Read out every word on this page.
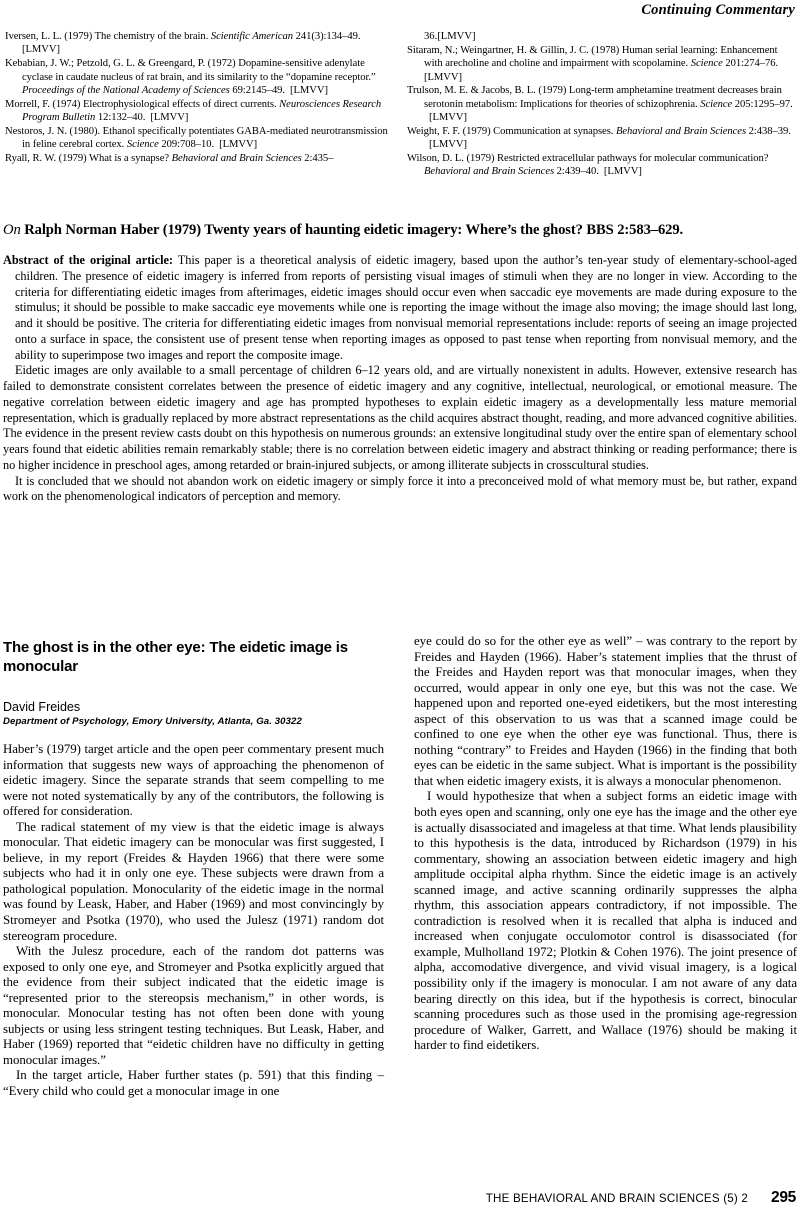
Continuing Commentary

Iversen, L. L. (1979) The chemistry of the brain. Scientific American 241(3):134–49.[LMVV]

Kebabian, J. W.; Petzold, G. L. & Greengard, P. (1972) Dopamine-sensitive adenylate cyclase in caudate nucleus of rat brain, and its similarity to the “dopamine receptor.” Proceedings of the National Academy of Sciences 69:2145–49. [LMVV]

Morrell, F. (1974) Electrophysiological effects of direct currents. Neurosciences Research Program Bulletin 12:132–40. [LMVV]

Nestoros, J. N. (1980). Ethanol specifically potentiates GABA-mediated neurotransmission in feline cerebral cortex. Science 209:708–10. [LMVV]

Ryall, R. W. (1979) What is a synapse? Behavioral and Brain Sciences 2:435–

36.[LMVV]

Sitaram, N.; Weingartner, H. & Gillin, J. C. (1978) Human serial learning: Enhancement with arecholine and choline and impairment with scopolamine. Science 201:274–76.[LMVV]

Trulson, M. E. & Jacobs, B. L. (1979) Long-term amphetamine treatment decreases brain serotonin metabolism: Implications for theories of schizophrenia. Science 205:1295–97.[LMVV]

Weight, F. F. (1979) Communication at synapses. Behavioral and Brain Sciences 2:438–39.[LMVV]

Wilson, D. L. (1979) Restricted extracellular pathways for molecular communication? Behavioral and Brain Sciences 2:439–40. [LMVV]

On Ralph Norman Haber (1979) Twenty years of haunting eidetic imagery: Where’s the ghost? BBS 2:583–629.

Abstract of the original article: This paper is a theoretical analysis of eidetic imagery, based upon the author’s ten-year study of elementary-school-aged children. The presence of eidetic imagery is inferred from reports of persisting visual images of stimuli when they are no longer in view. According to the criteria for differentiating eidetic images from afterimages, eidetic images should occur even when saccadic eye movements are made during exposure to the stimulus; it should be possible to make saccadic eye movements while one is reporting the image without the image also moving; the image should last long, and it should be positive. The criteria for differentiating eidetic images from nonvisual memorial representations include: reports of seeing an image projected onto a surface in space, the consistent use of present tense when reporting images as opposed to past tense when reporting from nonvisual memory, and the ability to superimpose two images and report the composite image.

Eidetic images are only available to a small percentage of children 6–12 years old, and are virtually nonexistent in adults. However, extensive research has failed to demonstrate consistent correlates between the presence of eidetic imagery and any cognitive, intellectual, neurological, or emotional measure. The negative correlation between eidetic imagery and age has prompted hypotheses to explain eidetic imagery as a developmentally less mature memorial representation, which is gradually replaced by more abstract representations as the child acquires abstract thought, reading, and more advanced cognitive abilities. The evidence in the present review casts doubt on this hypothesis on numerous grounds: an extensive longitudinal study over the entire span of elementary school years found that eidetic abilities remain remarkably stable; there is no correlation between eidetic imagery and abstract thinking or reading performance; there is no higher incidence in preschool ages, among retarded or brain-injured subjects, or among illiterate subjects in crosscultural studies.

It is concluded that we should not abandon work on eidetic imagery or simply force it into a preconceived mold of what memory must be, but rather, expand work on the phenomenological indicators of perception and memory.

The ghost is in the other eye: The eidetic image is monocular
David Freides
Department of Psychology, Emory University, Atlanta, Ga. 30322

Haber’s (1979) target article and the open peer commentary present much information that suggests new ways of approaching the phenomenon of eidetic imagery. Since the separate strands that seem compelling to me were not noted systematically by any of the contributors, the following is offered for consideration.

The radical statement of my view is that the eidetic image is always monocular. That eidetic imagery can be monocular was first suggested, I believe, in my report (Freides & Hayden 1966) that there were some subjects who had it in only one eye. These subjects were drawn from a pathological population. Monocularity of the eidetic image in the normal was found by Leask, Haber, and Haber (1969) and most convincingly by Stromeyer and Psotka (1970), who used the Julesz (1971) random dot stereogram procedure.

With the Julesz procedure, each of the random dot patterns was exposed to only one eye, and Stromeyer and Psotka explicitly argued that the evidence from their subject indicated that the eidetic image is “represented prior to the stereopsis mechanism,” in other words, is monocular. Monocular testing has not often been done with young subjects or using less stringent testing techniques. But Leask, Haber, and Haber (1969) reported that “eidetic children have no difficulty in getting monocular images.”

In the target article, Haber further states (p. 591) that this finding – “Every child who could get a monocular image in one

eye could do so for the other eye as well” – was contrary to the report by Freides and Hayden (1966). Haber’s statement implies that the thrust of the Freides and Hayden report was that monocular images, when they occurred, would appear in only one eye, but this was not the case. We happened upon and reported one-eyed eidetikers, but the most interesting aspect of this observation to us was that a scanned image could be confined to one eye when the other eye was functional. Thus, there is nothing “contrary” to Freides and Hayden (1966) in the finding that both eyes can be eidetic in the same subject. What is important is the possibility that when eidetic imagery exists, it is always a monocular phenomenon.

I would hypothesize that when a subject forms an eidetic image with both eyes open and scanning, only one eye has the image and the other eye is actually disassociated and imageless at that time. What lends plausibility to this hypothesis is the data, introduced by Richardson (1979) in his commentary, showing an association between eidetic imagery and high amplitude occipital alpha rhythm. Since the eidetic image is an actively scanned image, and active scanning ordinarily suppresses the alpha rhythm, this association appears contradictory, if not impossible. The contradiction is resolved when it is recalled that alpha is induced and increased when conjugate occulomotor control is disassociated (for example, Mulholland 1972; Plotkin & Cohen 1976). The joint presence of alpha, accomodative divergence, and vivid visual imagery, is a logical possibility only if the imagery is monocular. I am not aware of any data bearing directly on this idea, but if the hypothesis is correct, binocular scanning procedures such as those used in the promising age-regression procedure of Walker, Garrett, and Wallace (1976) should be making it harder to find eidetikers.

THE BEHAVIORAL AND BRAIN SCIENCES (5) 2 295
